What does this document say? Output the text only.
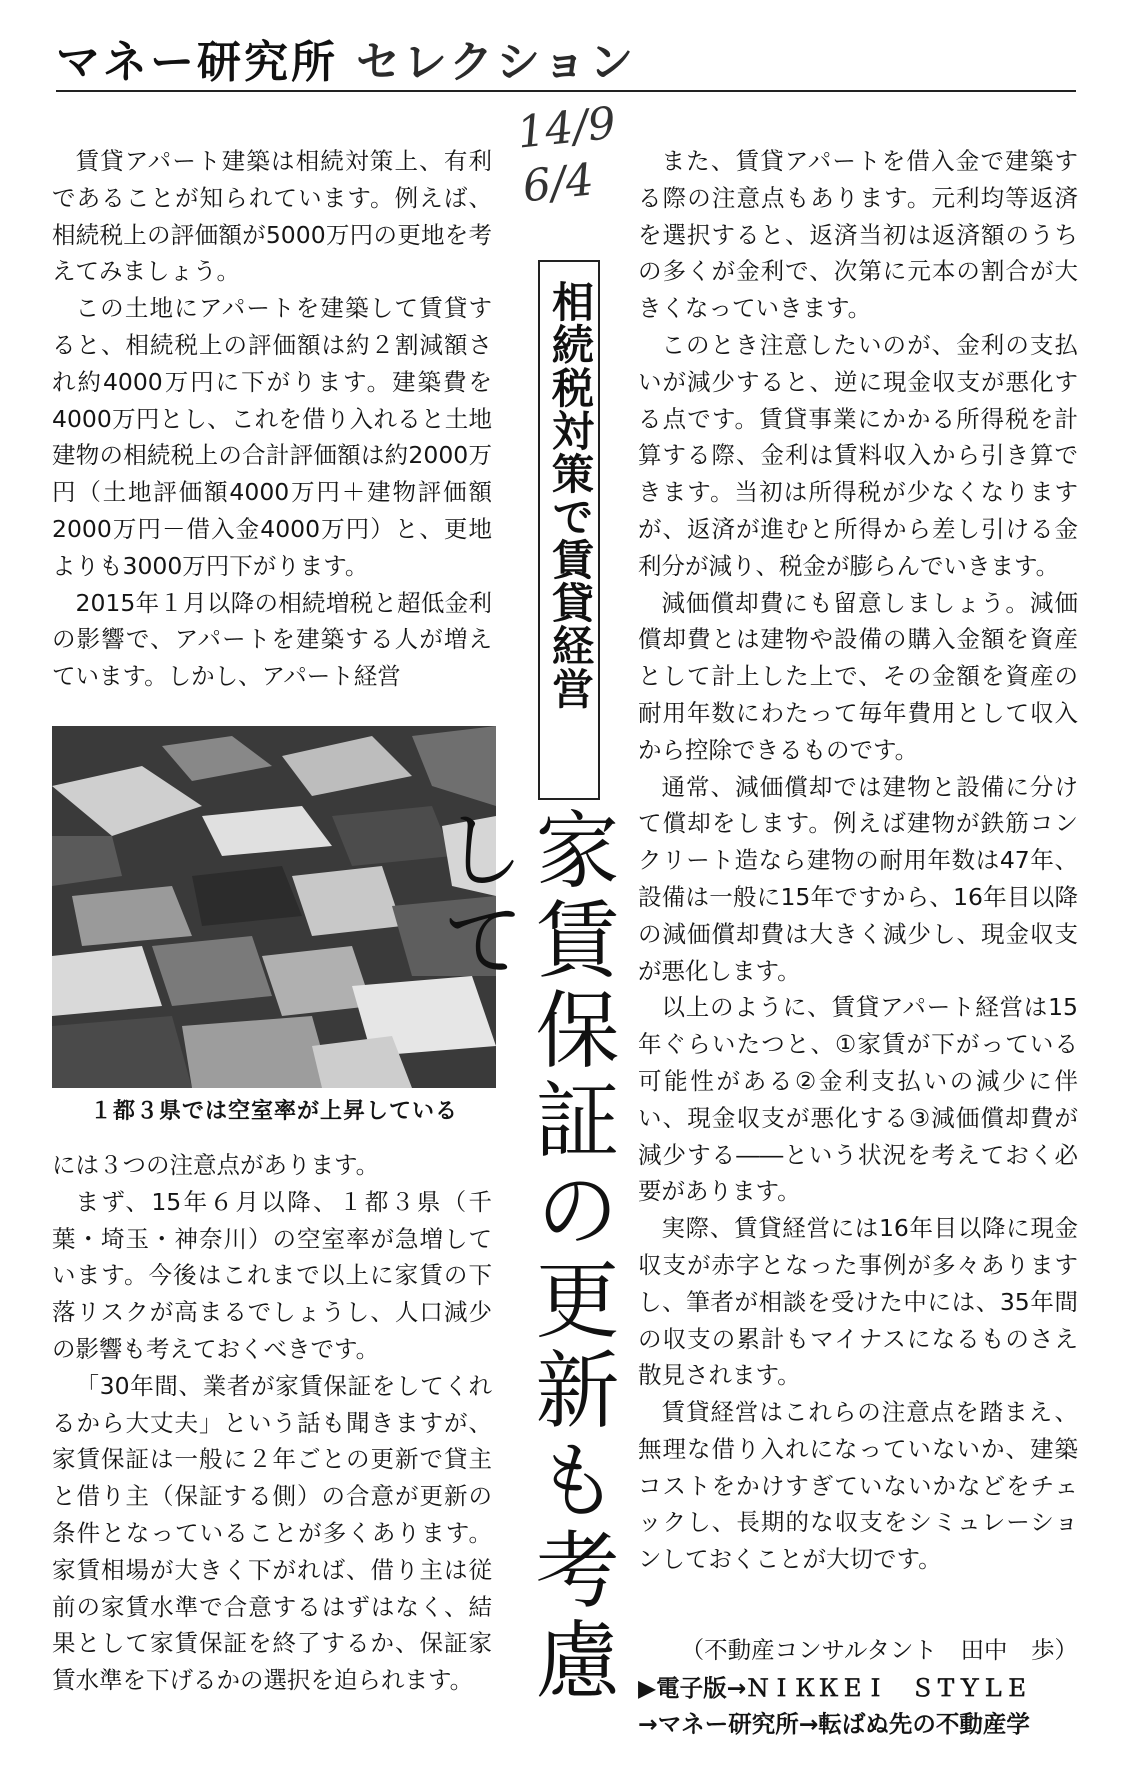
マネー研究所 セレクション
14/9
6/4

賃貸アパート建築は相続対策上、有利であることが知られています。例えば、相続税上の評価額が5000万円の更地を考えてみましょう。

この土地にアパートを建築して賃貸すると、相続税上の評価額は約２割減額され約4000万円に下がります。建築費を4000万円とし、これを借り入れると土地建物の相続税上の合計評価額は約2000万円（土地評価額4000万円＋建物評価額2000万円－借入金4000万円）と、更地よりも3000万円下がります。

2015年１月以降の相続増税と超低金利の影響で、アパートを建築する人が増えています。しかし、アパート経営

１都３県では空室率が上昇している

には３つの注意点があります。

まず、15年６月以降、１都３県（千葉・埼玉・神奈川）の空室率が急増しています。今後はこれまで以上に家賃の下落リスクが高まるでしょうし、人口減少の影響も考えておくべきです。

「30年間、業者が家賃保証をしてくれるから大丈夫」という話も聞きますが、家賃保証は一般に２年ごとの更新で貸主と借り主（保証する側）の合意が更新の条件となっていることが多くあります。家賃相場が大きく下がれば、借り主は従前の家賃水準で合意するはずはなく、結果として家賃保証を終了するか、保証家賃水準を下げるかの選択を迫られます。

相続税対策で賃貸経営
家賃保証の更新も考慮して

また、賃貸アパートを借入金で建築する際の注意点もあります。元利均等返済を選択すると、返済当初は返済額のうちの多くが金利で、次第に元本の割合が大きくなっていきます。

このとき注意したいのが、金利の支払いが減少すると、逆に現金収支が悪化する点です。賃貸事業にかかる所得税を計算する際、金利は賃料収入から引き算できます。当初は所得税が少なくなりますが、返済が進むと所得から差し引ける金利分が減り、税金が膨らんでいきます。

減価償却費にも留意しましょう。減価償却費とは建物や設備の購入金額を資産として計上した上で、その金額を資産の耐用年数にわたって毎年費用として収入から控除できるものです。

通常、減価償却では建物と設備に分けて償却をします。例えば建物が鉄筋コンクリート造なら建物の耐用年数は47年、設備は一般に15年ですから、16年目以降の減価償却費は大きく減少し、現金収支が悪化します。

以上のように、賃貸アパート経営は15年ぐらいたつと、①家賃が下がっている可能性がある②金利支払いの減少に伴い、現金収支が悪化する③減価償却費が減少する――という状況を考えておく必要があります。

実際、賃貸経営には16年目以降に現金収支が赤字となった事例が多々ありますし、筆者が相談を受けた中には、35年間の収支の累計もマイナスになるものさえ散見されます。

賃貸経営はこれらの注意点を踏まえ、無理な借り入れになっていないか、建築コストをかけすぎていないかなどをチェックし、長期的な収支をシミュレーションしておくことが大切です。

（不動産コンサルタント　田中　歩）
▶電子版→ＮＩＫＫＥＩ　ＳＴＹＬＥ
→マネー研究所→転ばぬ先の不動産学
